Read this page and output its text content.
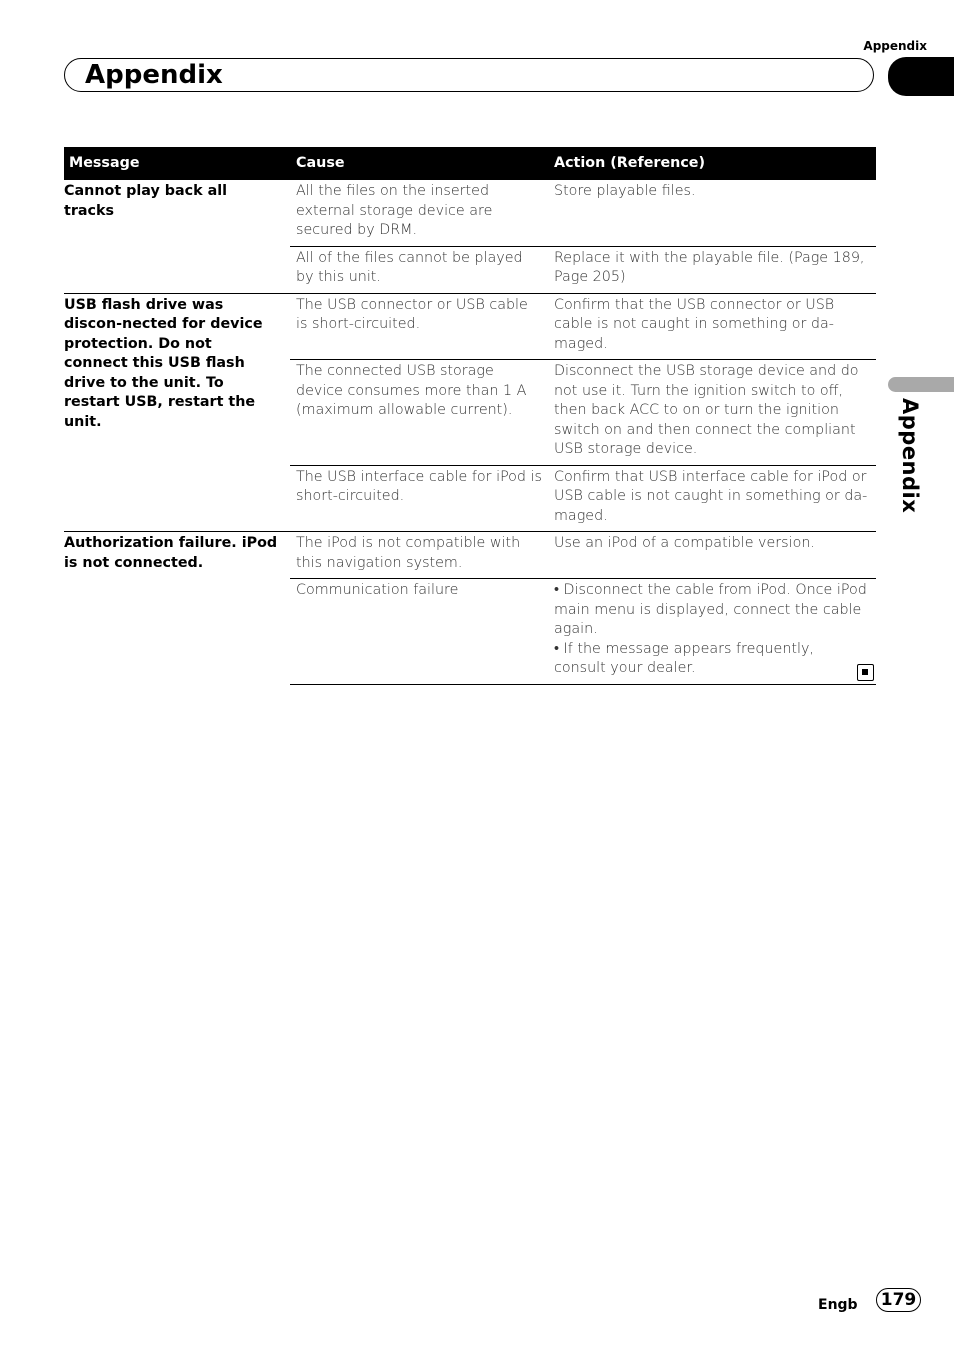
Appendix
Appendix
Appendix
Message	Cause	Action (Reference)
Cannot play back all tracks	All the files on the inserted external storage device are secured by DRM.	Store playable files.

	All of the files cannot be played by this unit.	Replace it with the playable file. (Page 189, Page 205)

USB flash drive was discon-nected for device protection. Do not connect this USB flash drive to the unit. To restart USB, restart the unit.	The USB connector or USB cable is short-circuited.	Confirm that the USB connector or USB cable is not caught in something or da-maged.

	The connected USB storage device consumes more than 1 A (maximum allowable current).	Disconnect the USB storage device and do not use it. Turn the ignition switch to off, then back ACC to on or turn the ignition switch on and then connect the compliant USB storage device.

	The USB interface cable for iPod is short-circuited.	Confirm that USB interface cable for iPod or USB cable is not caught in something or da-maged.

Authorization failure. iPod is not connected.	The iPod is not compatible with this navigation system.	Use an iPod of a compatible version.

	Communication failure	• Disconnect the cable from iPod. Once iPod main menu is displayed, connect the cable again.
• If the message appears frequently, consult your dealer.
Engb 179
